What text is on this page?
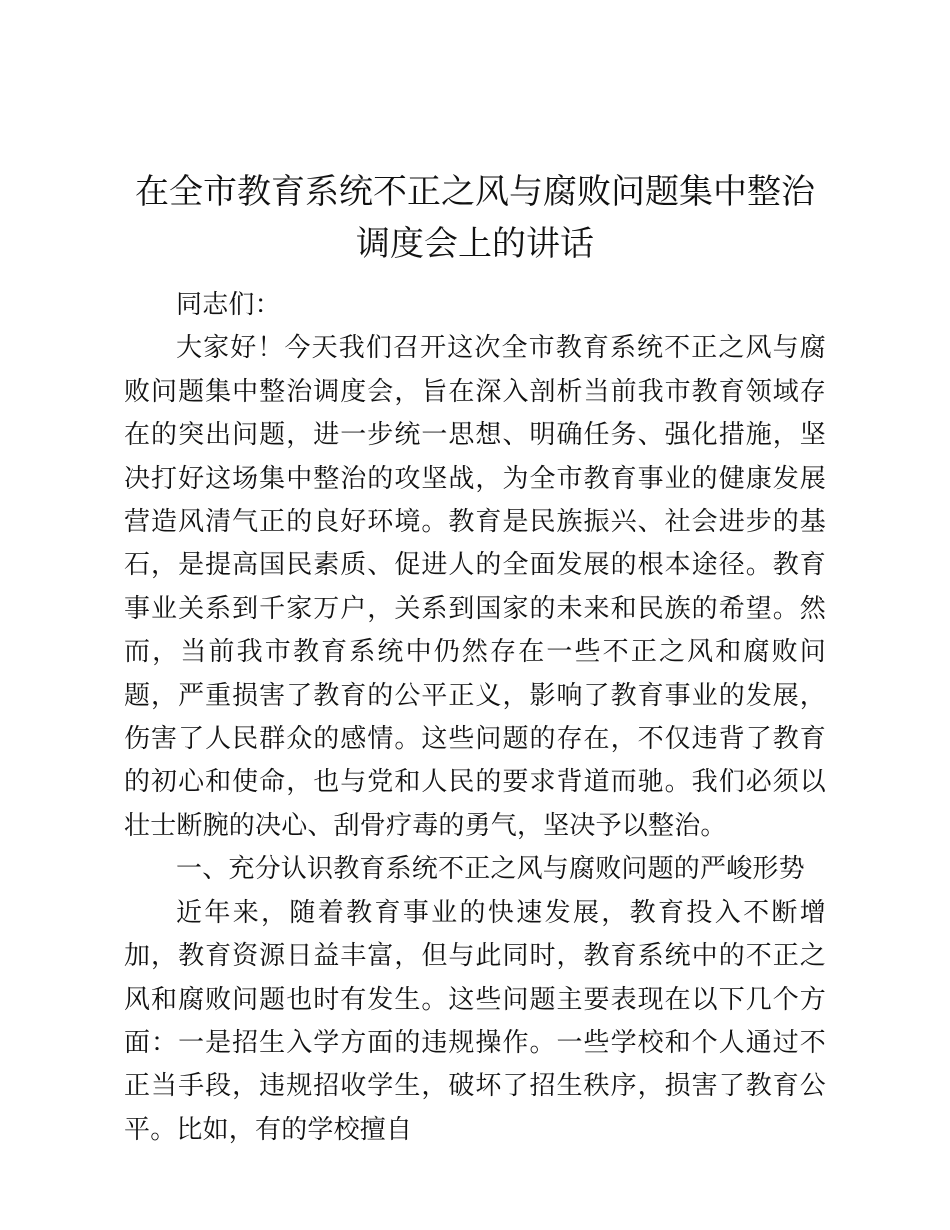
在全市教育系统不正之风与腐败问题集中整治
调度会上的讲话

同志们：

大家好！今天我们召开这次全市教育系统不正之风与腐败问题集中整治调度会，旨在深入剖析当前我市教育领域存在的突出问题，进一步统一思想、明确任务、强化措施，坚决打好这场集中整治的攻坚战，为全市教育事业的健康发展营造风清气正的良好环境。教育是民族振兴、社会进步的基石，是提高国民素质、促进人的全面发展的根本途径。教育事业关系到千家万户，关系到国家的未来和民族的希望。然而，当前我市教育系统中仍然存在一些不正之风和腐败问题，严重损害了教育的公平正义，影响了教育事业的发展，伤害了人民群众的感情。这些问题的存在，不仅违背了教育的初心和使命，也与党和人民的要求背道而驰。我们必须以壮士断腕的决心、刮骨疗毒的勇气，坚决予以整治。

一、充分认识教育系统不正之风与腐败问题的严峻形势

近年来，随着教育事业的快速发展，教育投入不断增加，教育资源日益丰富，但与此同时，教育系统中的不正之风和腐败问题也时有发生。这些问题主要表现在以下几个方面：一是招生入学方面的违规操作。一些学校和个人通过不正当手段，违规招收学生，破坏了招生秩序，损害了教育公平。比如，有的学校擅自
